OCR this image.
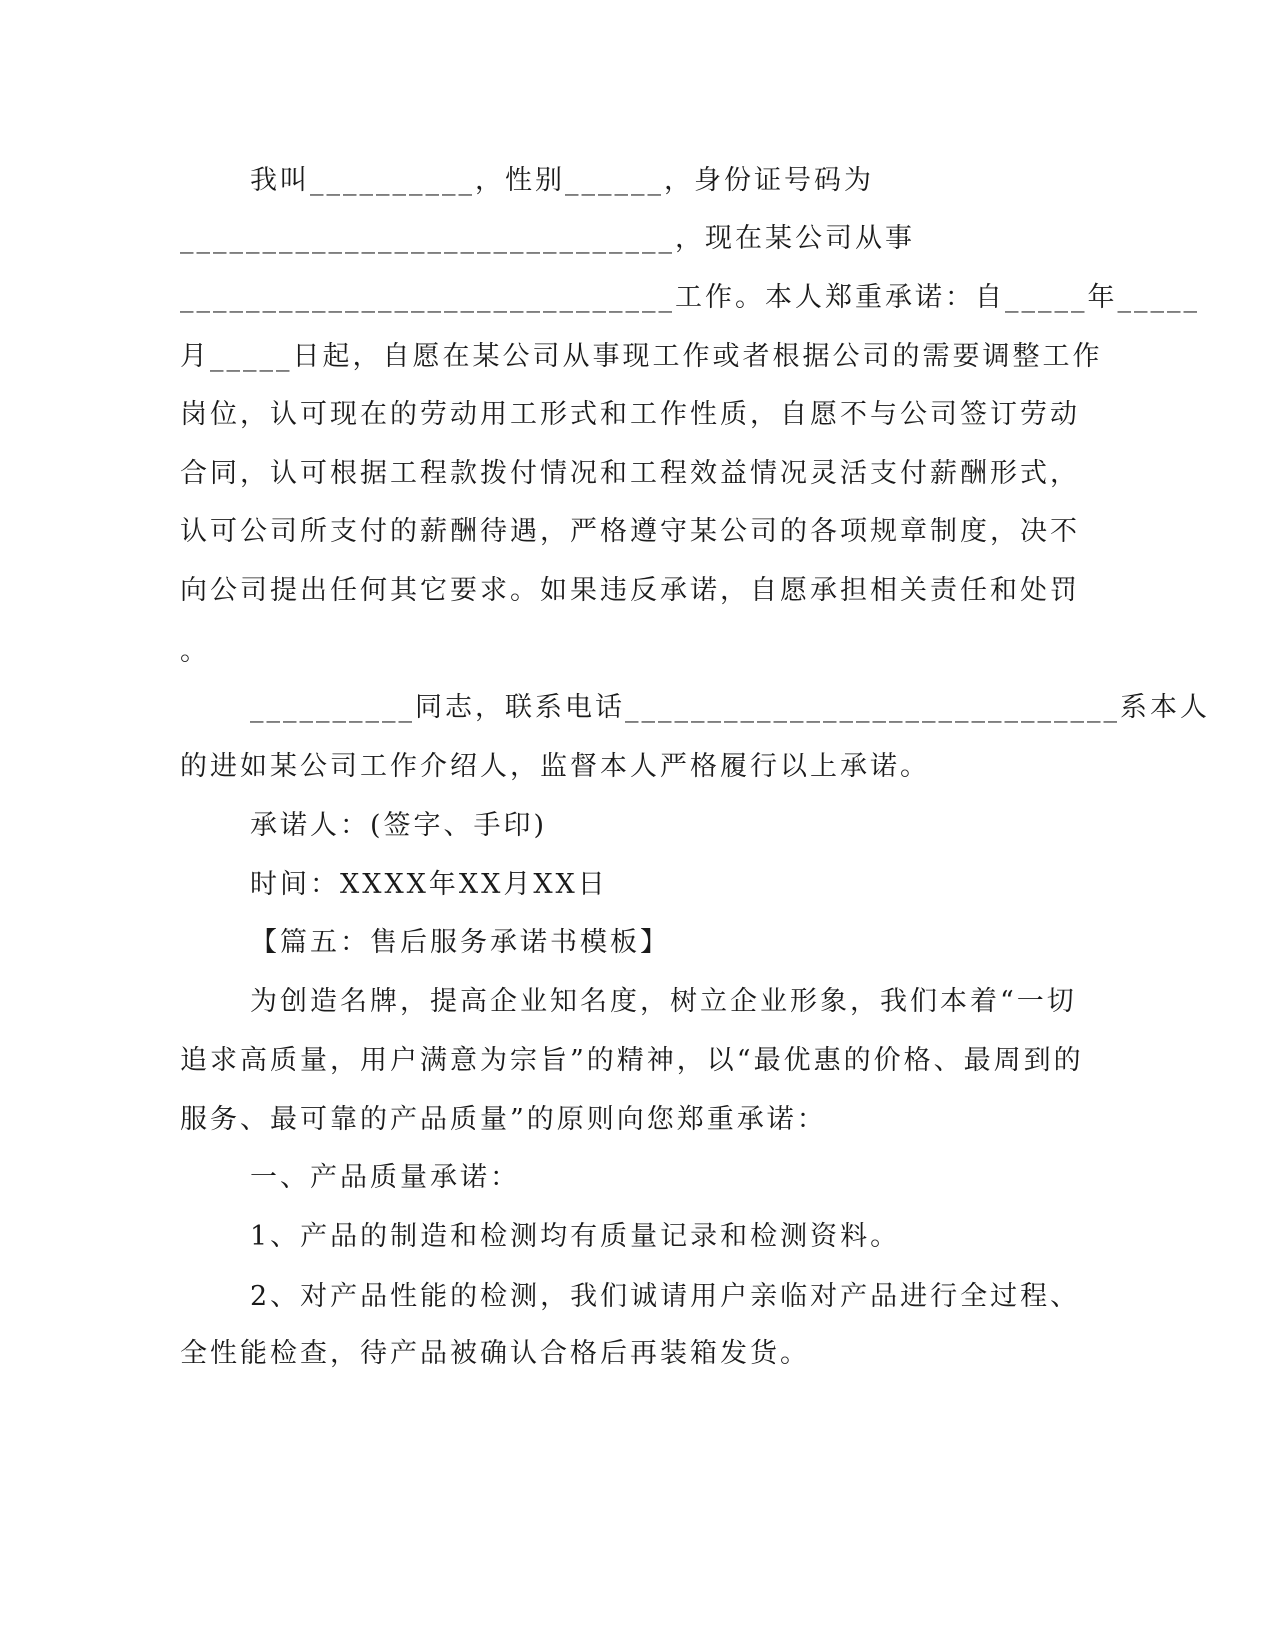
我叫__________，性别______，身份证号码为
______________________________，现在某公司从事
______________________________工作。本人郑重承诺：自_____年_____
月_____日起，自愿在某公司从事现工作或者根据公司的需要调整工作
岗位，认可现在的劳动用工形式和工作性质，自愿不与公司签订劳动
合同，认可根据工程款拨付情况和工程效益情况灵活支付薪酬形式，
认可公司所支付的薪酬待遇，严格遵守某公司的各项规章制度，决不
向公司提出任何其它要求。如果违反承诺，自愿承担相关责任和处罚
。
__________同志，联系电话______________________________系本人
的进如某公司工作介绍人，监督本人严格履行以上承诺。
承诺人：(签字、手印)
时间：XXXX年XX月XX日
【篇五：售后服务承诺书模板】
为创造名牌，提高企业知名度，树立企业形象，我们本着“一切
追求高质量，用户满意为宗旨”的精神，以“最优惠的价格、最周到的
服务、最可靠的产品质量”的原则向您郑重承诺：
一、产品质量承诺：
1、产品的制造和检测均有质量记录和检测资料。
2、对产品性能的检测，我们诚请用户亲临对产品进行全过程、
全性能检查，待产品被确认合格后再装箱发货。
